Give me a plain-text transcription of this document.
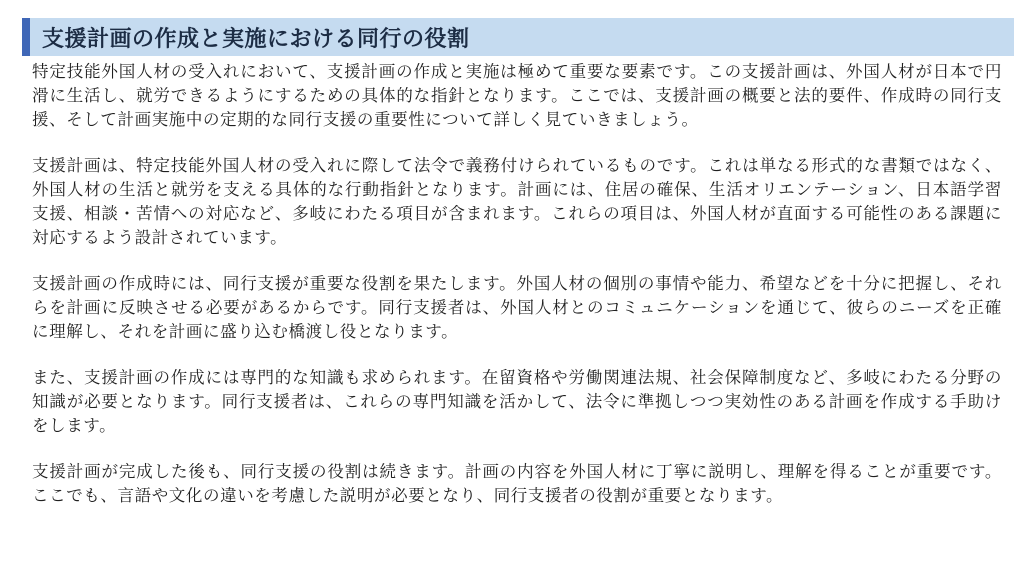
支援計画の作成と実施における同行の役割

特定技能外国人材の受入れにおいて、支援計画の作成と実施は極めて重要な要素です。この支援計画は、外国人材が日本で円滑に生活し、就労できるようにするための具体的な指針となります。ここでは、支援計画の概要と法的要件、作成時の同行支援、そして計画実施中の定期的な同行支援の重要性について詳しく見ていきましょう。

支援計画は、特定技能外国人材の受入れに際して法令で義務付けられているものです。これは単なる形式的な書類ではなく、外国人材の生活と就労を支える具体的な行動指針となります。計画には、住居の確保、生活オリエンテーション、日本語学習支援、相談・苦情への対応など、多岐にわたる項目が含まれます。これらの項目は、外国人材が直面する可能性のある課題に対応するよう設計されています。

支援計画の作成時には、同行支援が重要な役割を果たします。外国人材の個別の事情や能力、希望などを十分に把握し、それらを計画に反映させる必要があるからです。同行支援者は、外国人材とのコミュニケーションを通じて、彼らのニーズを正確に理解し、それを計画に盛り込む橋渡し役となります。

また、支援計画の作成には専門的な知識も求められます。在留資格や労働関連法規、社会保障制度など、多岐にわたる分野の知識が必要となります。同行支援者は、これらの専門知識を活かして、法令に準拠しつつ実効性のある計画を作成する手助けをします。

支援計画が完成した後も、同行支援の役割は続きます。計画の内容を外国人材に丁寧に説明し、理解を得ることが重要です。ここでも、言語や文化の違いを考慮した説明が必要となり、同行支援者の役割が重要となります。
